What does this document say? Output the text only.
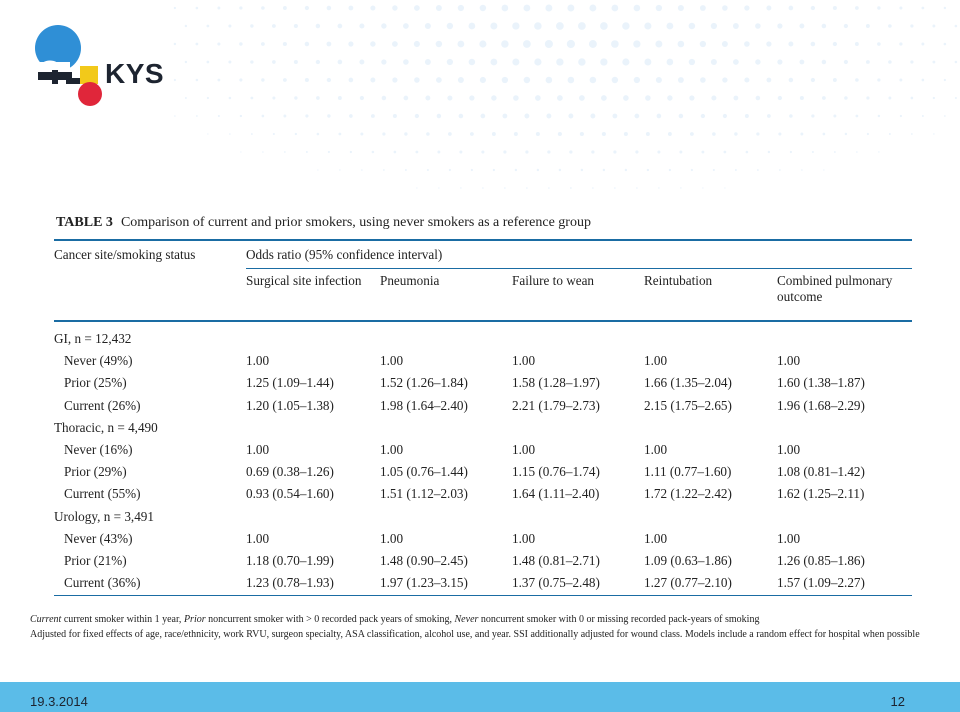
KYS
TABLE 3 Comparison of current and prior smokers, using never smokers as a reference group
Cancer site/smoking status	Odds ratio (95% confidence interval)				
	Surgical site infection	Pneumonia	Failure to wean	Reintubation	Combined pulmonary outcome
GI, n = 12,432					
Never (49%)	1.00	1.00	1.00	1.00	1.00
Prior (25%)	1.25 (1.09–1.44)	1.52 (1.26–1.84)	1.58 (1.28–1.97)	1.66 (1.35–2.04)	1.60 (1.38–1.87)
Current (26%)	1.20 (1.05–1.38)	1.98 (1.64–2.40)	2.21 (1.79–2.73)	2.15 (1.75–2.65)	1.96 (1.68–2.29)
Thoracic, n = 4,490					
Never (16%)	1.00	1.00	1.00	1.00	1.00
Prior (29%)	0.69 (0.38–1.26)	1.05 (0.76–1.44)	1.15 (0.76–1.74)	1.11 (0.77–1.60)	1.08 (0.81–1.42)
Current (55%)	0.93 (0.54–1.60)	1.51 (1.12–2.03)	1.64 (1.11–2.40)	1.72 (1.22–2.42)	1.62 (1.25–2.11)
Urology, n = 3,491					
Never (43%)	1.00	1.00	1.00	1.00	1.00
Prior (21%)	1.18 (0.70–1.99)	1.48 (0.90–2.45)	1.48 (0.81–2.71)	1.09 (0.63–1.86)	1.26 (0.85–1.86)
Current (36%)	1.23 (0.78–1.93)	1.97 (1.23–3.15)	1.37 (0.75–2.48)	1.27 (0.77–2.10)	1.57 (1.09–2.27)
Current current smoker within 1 year, Prior noncurrent smoker with > 0 recorded pack years of smoking, Never noncurrent smoker with 0 or missing recorded pack-years of smoking
Adjusted for fixed effects of age, race/ethnicity, work RVU, surgeon specialty, ASA classification, alcohol use, and year. SSI additionally adjusted for wound class. Models include a random effect for hospital when possible
19.3.2014	12
